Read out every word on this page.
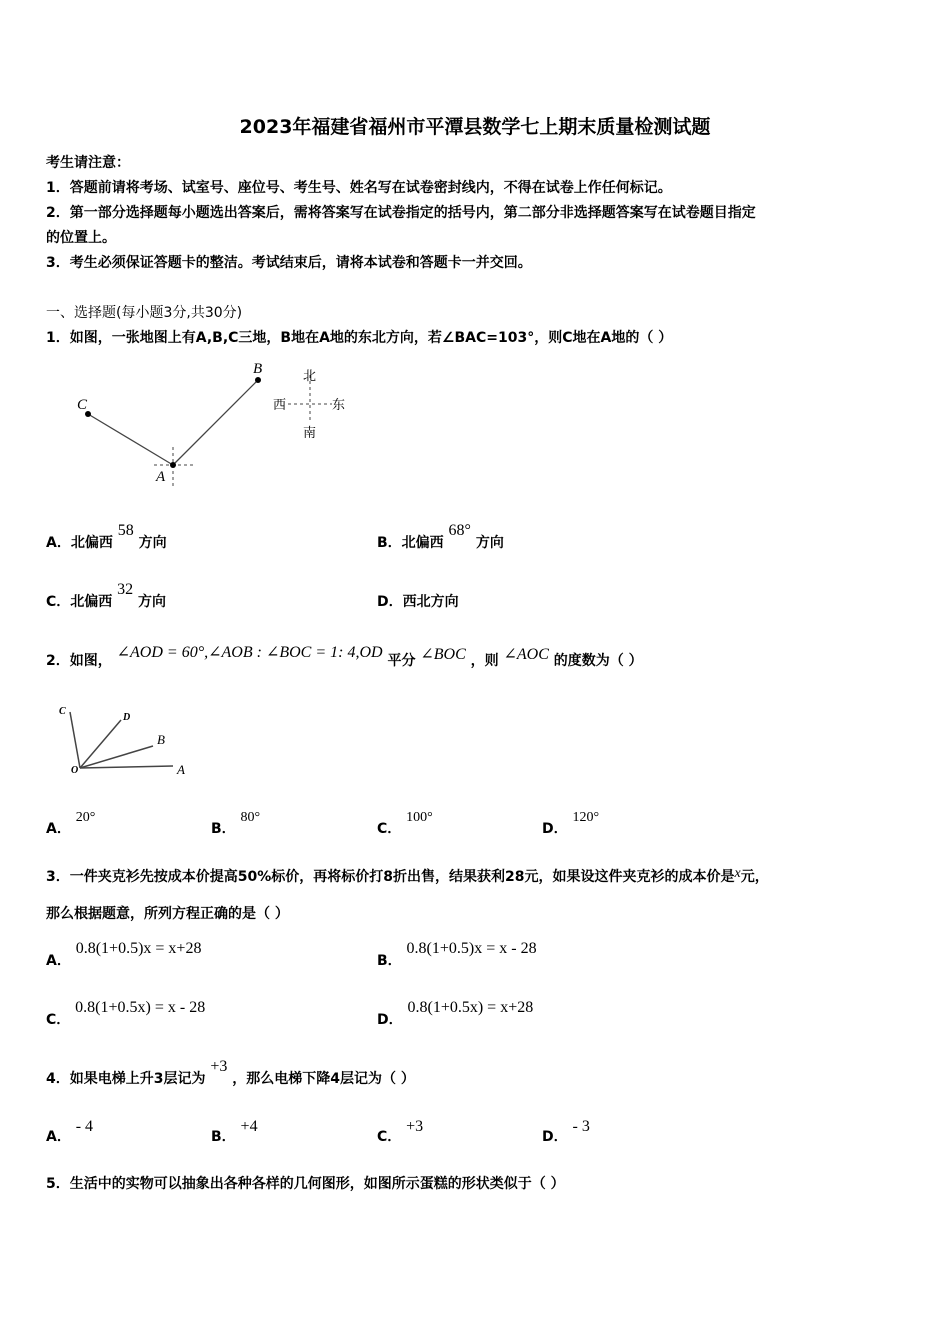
2023年福建省福州市平潭县数学七上期末质量检测试题
考生请注意：
1．答题前请将考场、试室号、座位号、考生号、姓名写在试卷密封线内，不得在试卷上作任何标记。
2．第一部分选择题每小题选出答案后，需将答案写在试卷指定的括号内，第二部分非选择题答案写在试卷题目指定
的位置上。
3．考生必须保证答题卡的整洁。考试结束后，请将本试卷和答题卡一并交回。
一、选择题(每小题3分,共30分)
1．如图，一张地图上有A,B,C三地，B地在A地的东北方向，若∠BAC=103°，则C地在A地的（ ）
C
B
A
北
南
西	东
A．北偏西 58 方向	B．北偏西 68° 方向
C．北偏西 32 方向	D．西北方向
2．如图， ∠AOD = 60°,∠AOB : ∠BOC = 1: 4,OD 平分 ∠BOC ，则 ∠AOC 的度数为（ ）
C
D
B
O	A
A． 20°
B． 80°
C． 100°
D． 120°
3．一件夹克衫先按成本价提高50%标价，再将标价打8折出售，结果获利28元，如果设这件夹克衫的成本价是x元，
那么根据题意，所列方程正确的是（ ）
A． 0.8(1+0.5)x = x+28
B． 0.8(1+0.5)x = x - 28
C． 0.8(1+0.5x) = x - 28
D． 0.8(1+0.5x) = x+28
4．如果电梯上升3层记为 +3 ，那么电梯下降4层记为（ ）
A． - 4
B． +4
C． +3
D． - 3
5．生活中的实物可以抽象出各种各样的几何图形，如图所示蛋糕的形状类似于（ ）
